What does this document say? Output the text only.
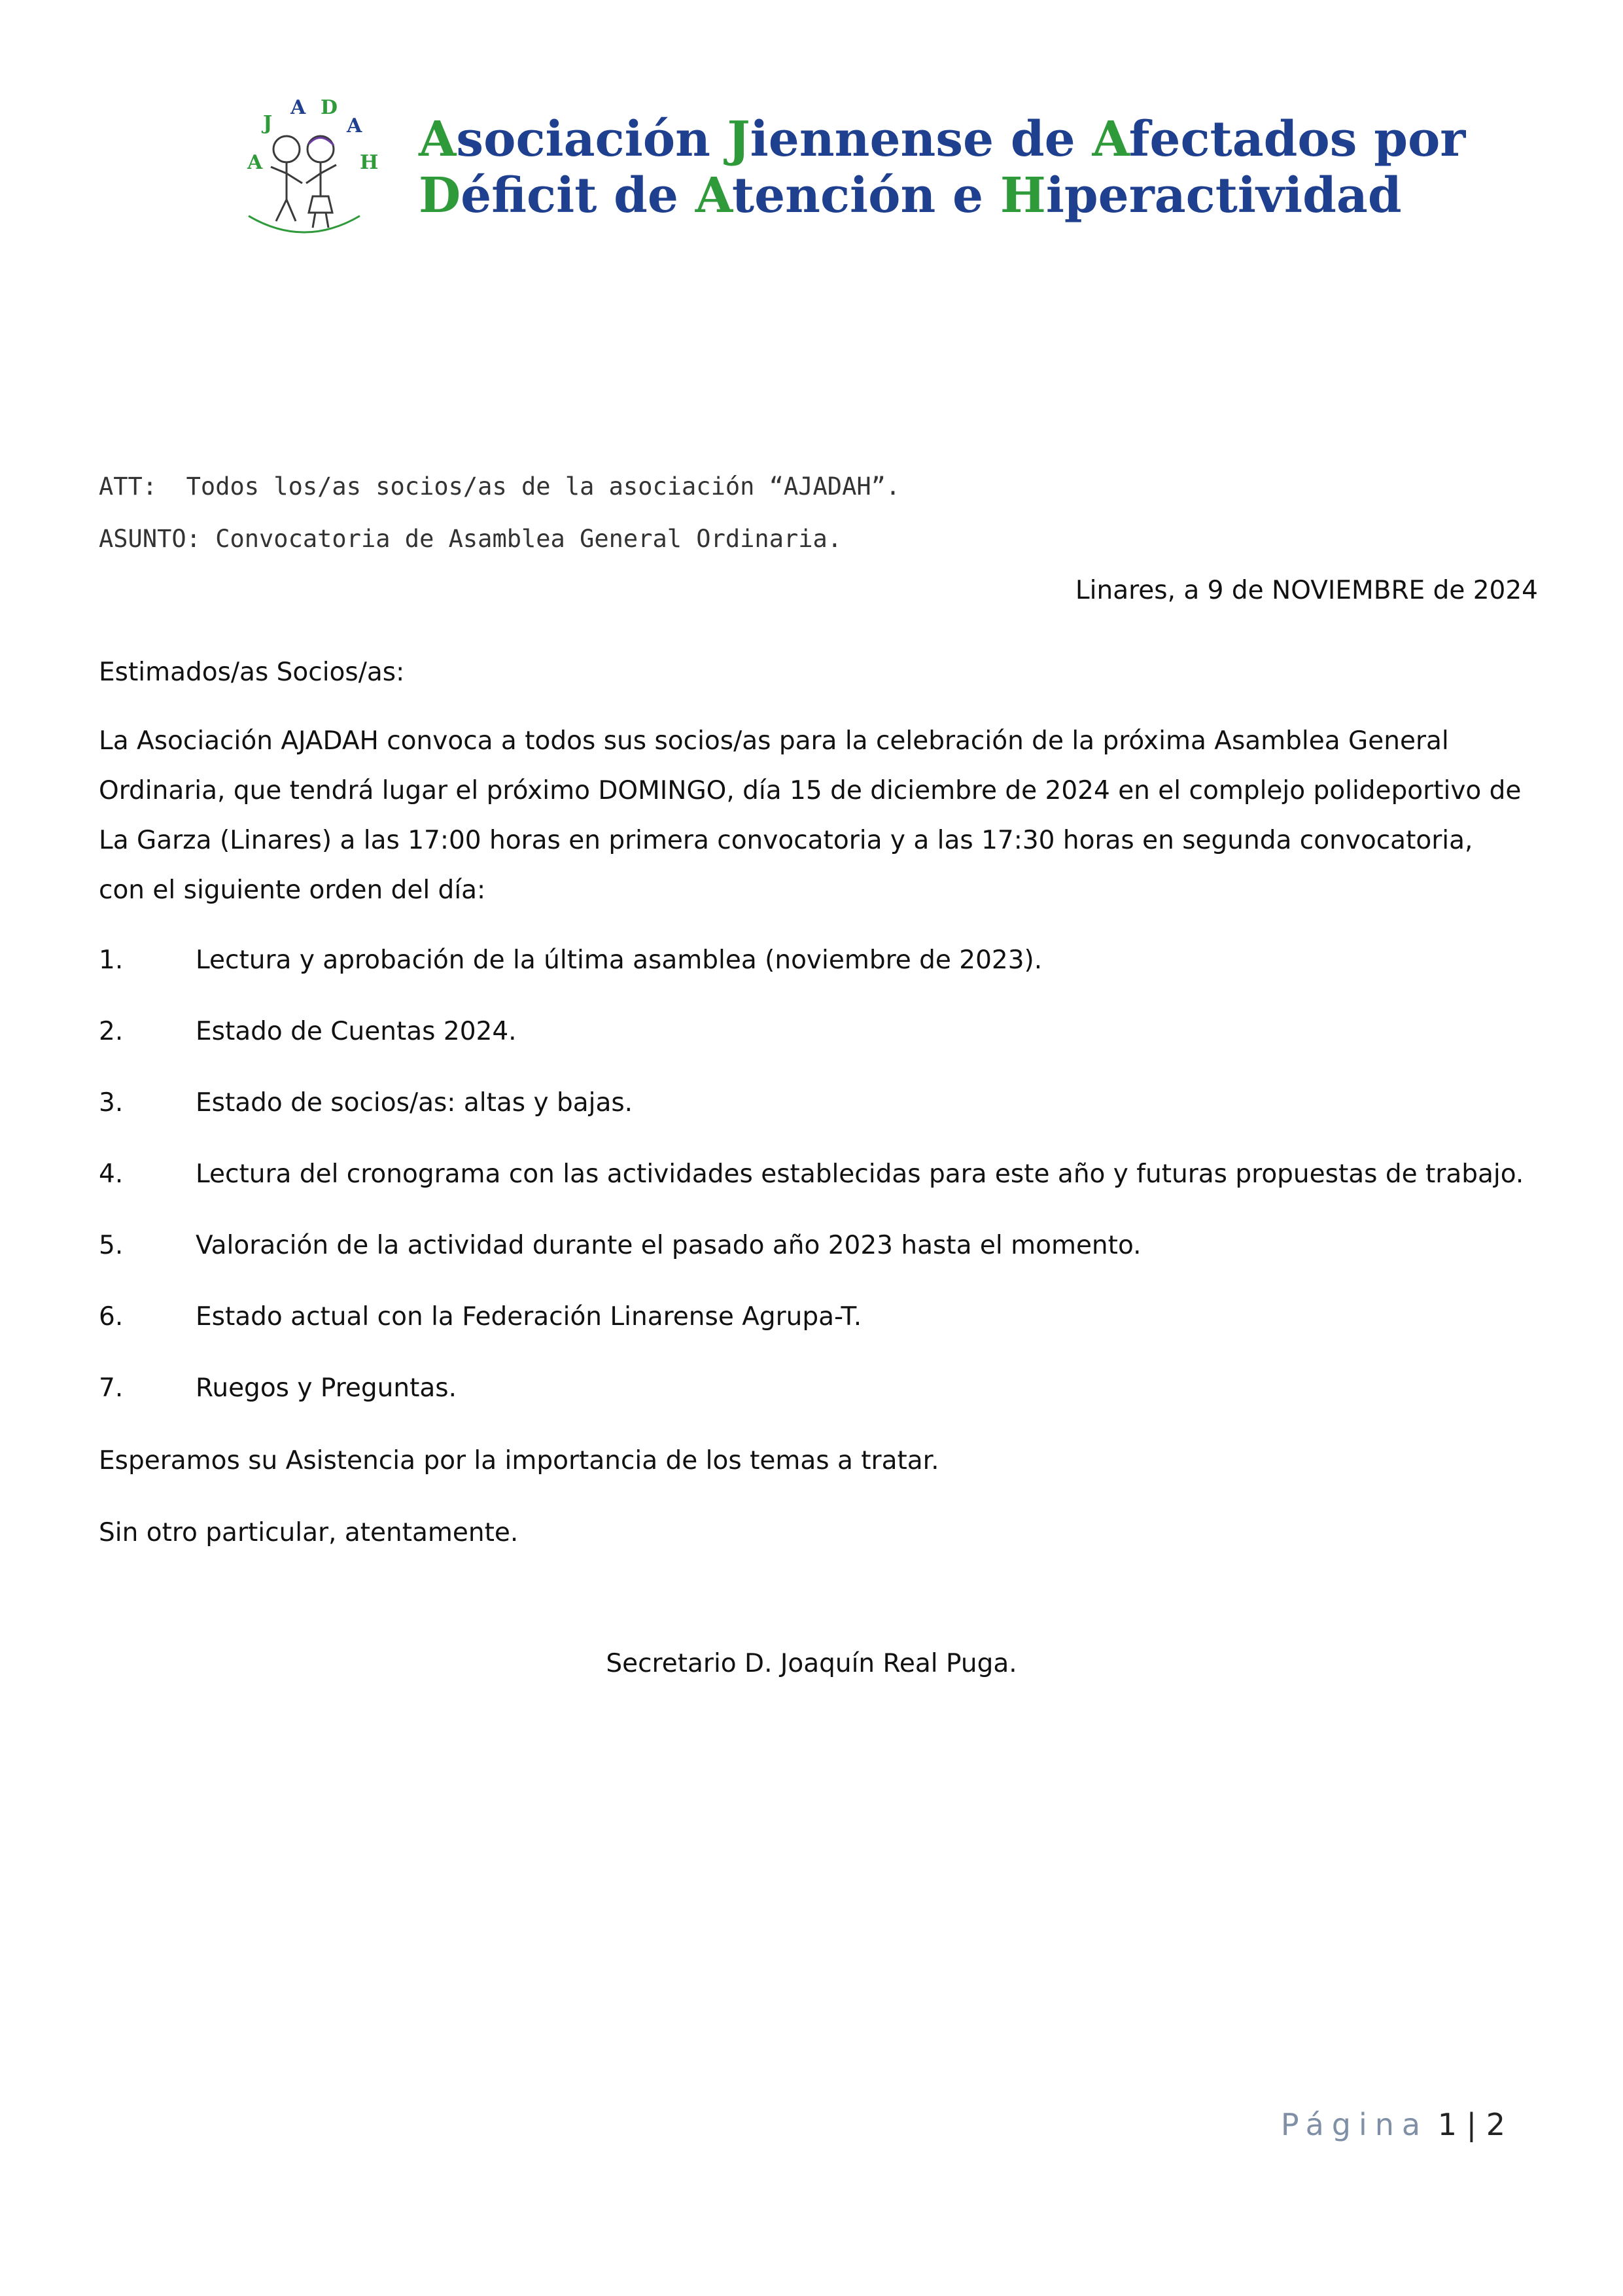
A
J
A D
A
H Asociación Jiennense de Afectados por
Déficit de Atención e Hiperactividad
ATT:  Todos los/as socios/as de la asociación “AJADAH”.
ASUNTO: Convocatoria de Asamblea General Ordinaria.
Linares, a 9 de NOVIEMBRE de 2024
Estimados/as Socios/as:
La Asociación AJADAH convoca a todos sus socios/as para la celebración de la próxima Asamblea General Ordinaria, que tendrá lugar el próximo DOMINGO, día 15 de diciembre de 2024 en el complejo polideportivo de La Garza (Linares) a las 17:00 horas en primera convocatoria y a las 17:30 horas en segunda convocatoria, con el siguiente orden del día:
1.	Lectura y aprobación de la última asamblea (noviembre de 2023).
2.	Estado de Cuentas 2024.
3.	Estado de socios/as: altas y bajas.
4.	Lectura del cronograma con las actividades establecidas para este año y futuras propuestas de trabajo.
5.	Valoración de la actividad durante el pasado año 2023 hasta el momento.
6.	Estado actual con la Federación Linarense Agrupa-T.
7.	Ruegos y Preguntas.
Esperamos su Asistencia por la importancia de los temas a tratar.
Sin otro particular, atentamente.
Secretario D. Joaquín Real Puga.
Página 1 | 2
